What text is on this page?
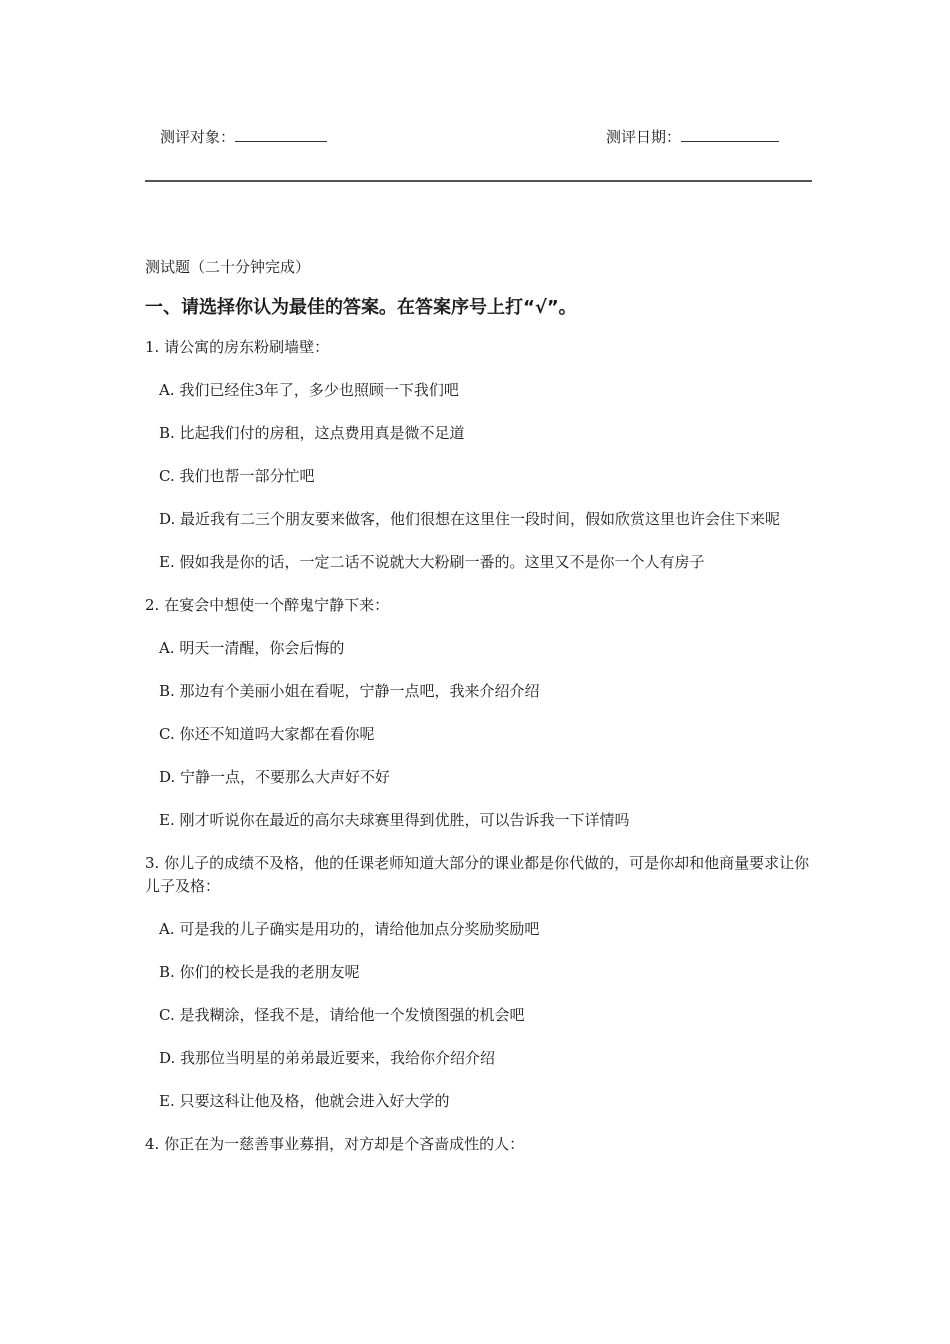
测评对象：	测评日期：

测试题（二十分钟完成）

一、请选择你认为最佳的答案。在答案序号上打“√”。

1. 请公寓的房东粉刷墙壁：

A. 我们已经住3年了，多少也照顾一下我们吧

B. 比起我们付的房租，这点费用真是微不足道

C. 我们也帮一部分忙吧

D. 最近我有二三个朋友要来做客，他们很想在这里住一段时间，假如欣赏这里也许会住下来呢

E. 假如我是你的话，一定二话不说就大大粉刷一番的。这里又不是你一个人有房子

2. 在宴会中想使一个醉鬼宁静下来：

A. 明天一清醒，你会后悔的

B. 那边有个美丽小姐在看呢，宁静一点吧，我来介绍介绍

C. 你还不知道吗大家都在看你呢

D. 宁静一点，不要那么大声好不好

E. 刚才听说你在最近的高尔夫球赛里得到优胜，可以告诉我一下详情吗

3. 你儿子的成绩不及格，他的任课老师知道大部分的课业都是你代做的，可是你却和他商量要求让你儿子及格：

A. 可是我的儿子确实是用功的，请给他加点分奖励奖励吧

B. 你们的校长是我的老朋友呢

C. 是我糊涂，怪我不是，请给他一个发愤图强的机会吧

D. 我那位当明星的弟弟最近要来，我给你介绍介绍

E. 只要这科让他及格，他就会进入好大学的

4. 你正在为一慈善事业募捐，对方却是个吝啬成性的人：
